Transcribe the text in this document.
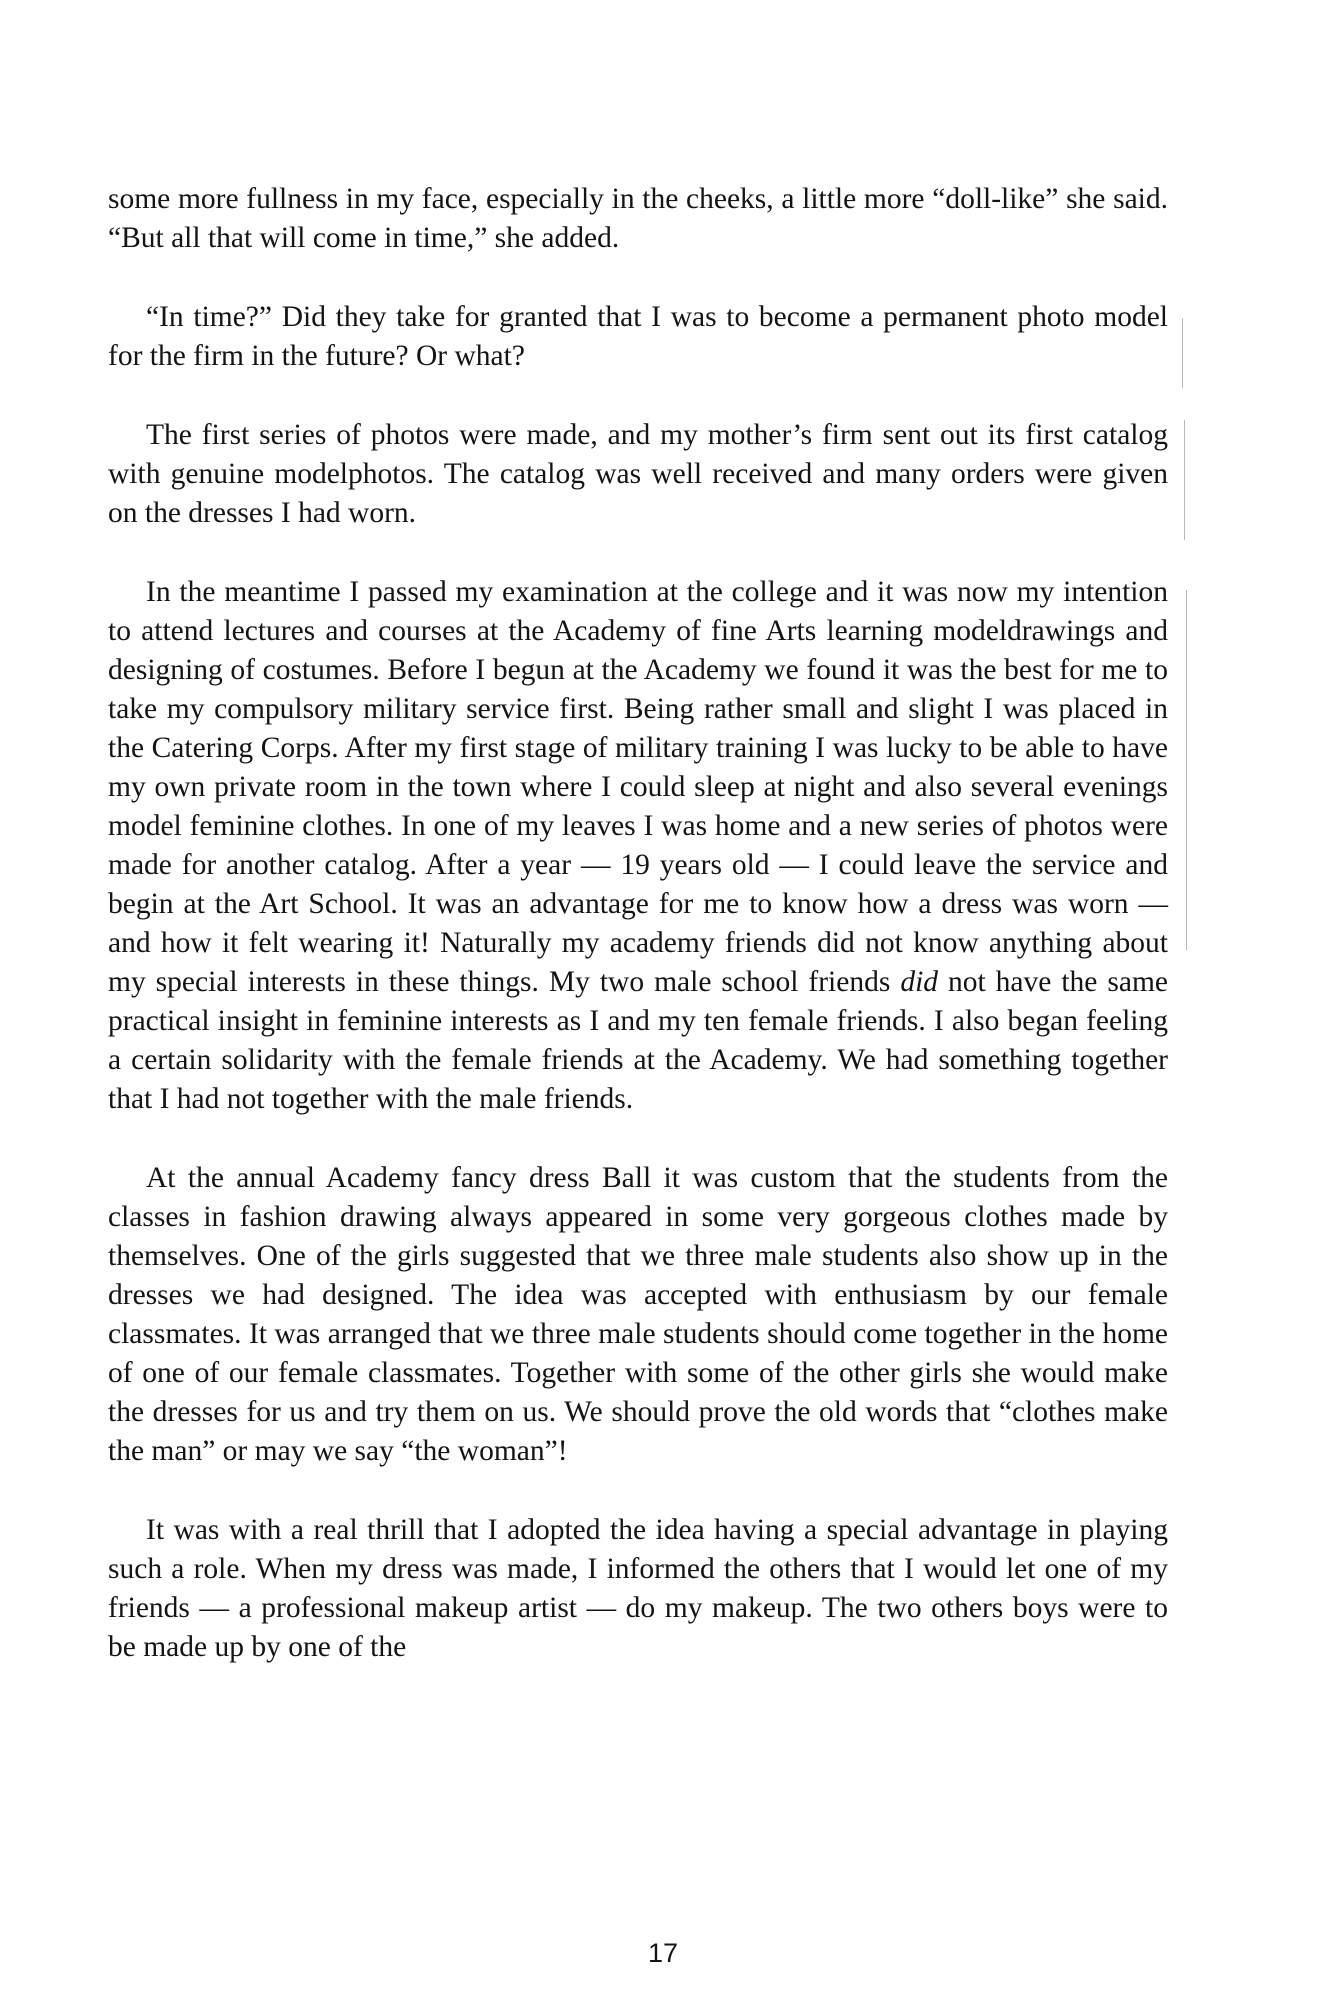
some more fullness in my face, especially in the cheeks, a little more “doll-like” she said. “But all that will come in time,” she added.

“In time?” Did they take for granted that I was to become a permanent photo model for the firm in the future? Or what?

The first series of photos were made, and my mother’s firm sent out its first catalog with genuine modelphotos. The catalog was well received and many orders were given on the dresses I had worn.

In the meantime I passed my examination at the college and it was now my intention to attend lectures and courses at the Academy of fine Arts learning modeldrawings and designing of costumes. Before I begun at the Academy we found it was the best for me to take my compulsory military service first. Being rather small and slight I was placed in the Catering Corps. After my first stage of military training I was lucky to be able to have my own private room in the town where I could sleep at night and also several evenings model feminine clothes. In one of my leaves I was home and a new series of photos were made for another catalog. After a year — 19 years old — I could leave the service and begin at the Art School. It was an advantage for me to know how a dress was worn — and how it felt wearing it! Naturally my academy friends did not know anything about my special interests in these things. My two male school friends did not have the same practical insight in feminine interests as I and my ten female friends. I also began feeling a certain solidarity with the female friends at the Academy. We had something together that I had not together with the male friends.

At the annual Academy fancy dress Ball it was custom that the students from the classes in fashion drawing always appeared in some very gorgeous clothes made by themselves. One of the girls suggested that we three male students also show up in the dresses we had designed. The idea was accepted with enthusiasm by our female classmates. It was arranged that we three male students should come together in the home of one of our female classmates. Together with some of the other girls she would make the dresses for us and try them on us. We should prove the old words that “clothes make the man” or may we say “the woman”!

It was with a real thrill that I adopted the idea having a special advantage in playing such a role. When my dress was made, I informed the others that I would let one of my friends — a professional makeup artist — do my makeup. The two others boys were to be made up by one of the

17
